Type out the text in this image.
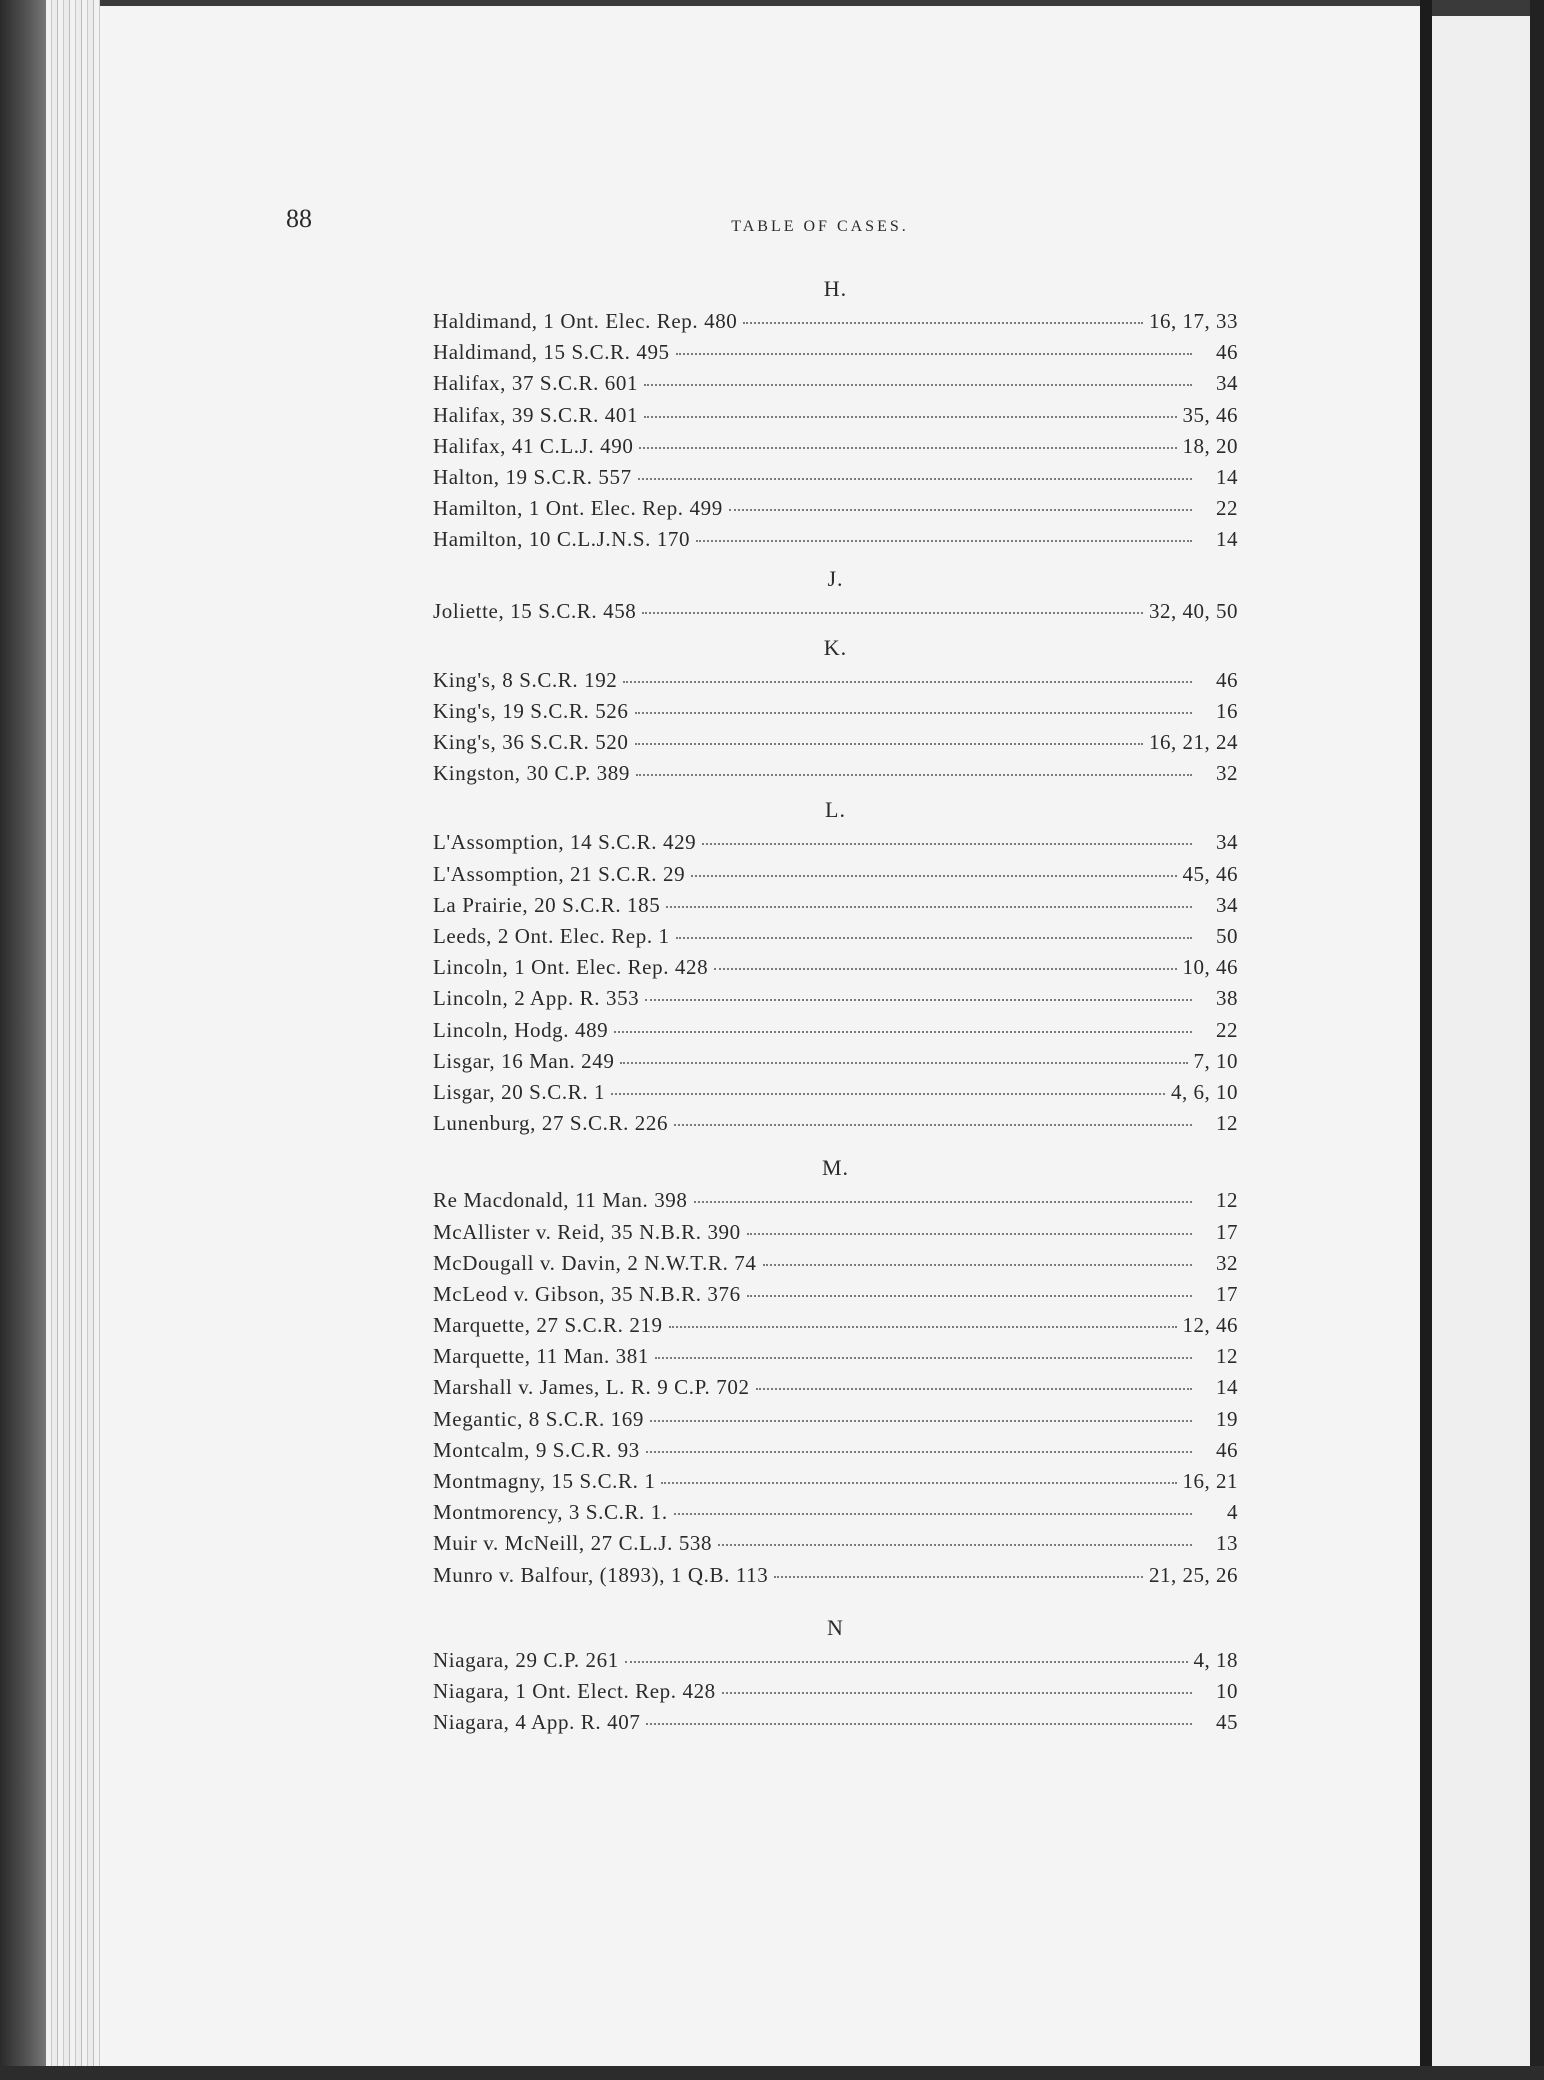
88	TABLE OF CASES.
H.
Haldimand, 1 Ont. Elec. Rep. 480	16, 17, 33
Haldimand, 15 S.C.R. 495	46
Halifax, 37 S.C.R. 601	34
Halifax, 39 S.C.R. 401	35, 46
Halifax, 41 C.L.J. 490	18, 20
Halton, 19 S.C.R. 557	14
Hamilton, 1 Ont. Elec. Rep. 499	22
Hamilton, 10 C.L.J.N.S. 170	14
J.
Joliette, 15 S.C.R. 458	32, 40, 50
K.
King's, 8 S.C.R. 192	46
King's, 19 S.C.R. 526	16
King's, 36 S.C.R. 520	16, 21, 24
Kingston, 30 C.P. 389	32
L.
L'Assomption, 14 S.C.R. 429	34
L'Assomption, 21 S.C.R. 29	45, 46
La Prairie, 20 S.C.R. 185	34
Leeds, 2 Ont. Elec. Rep. 1	50
Lincoln, 1 Ont. Elec. Rep. 428	10, 46
Lincoln, 2 App. R. 353	38
Lincoln, Hodg. 489	22
Lisgar, 16 Man. 249	7, 10
Lisgar, 20 S.C.R. 1	4, 6, 10
Lunenburg, 27 S.C.R. 226	12
M.
Re Macdonald, 11 Man. 398	12
McAllister v. Reid, 35 N.B.R. 390	17
McDougall v. Davin, 2 N.W.T.R. 74	32
McLeod v. Gibson, 35 N.B.R. 376	17
Marquette, 27 S.C.R. 219	12, 46
Marquette, 11 Man. 381	12
Marshall v. James, L. R. 9 C.P. 702	14
Megantic, 8 S.C.R. 169	19
Montcalm, 9 S.C.R. 93	46
Montmagny, 15 S.C.R. 1	16, 21
Montmorency, 3 S.C.R. 1.	4
Muir v. McNeill, 27 C.L.J. 538	13
Munro v. Balfour, (1893), 1 Q.B. 113	21, 25, 26
N
Niagara, 29 C.P. 261	4, 18
Niagara, 1 Ont. Elect. Rep. 428	10
Niagara, 4 App. R. 407	45
